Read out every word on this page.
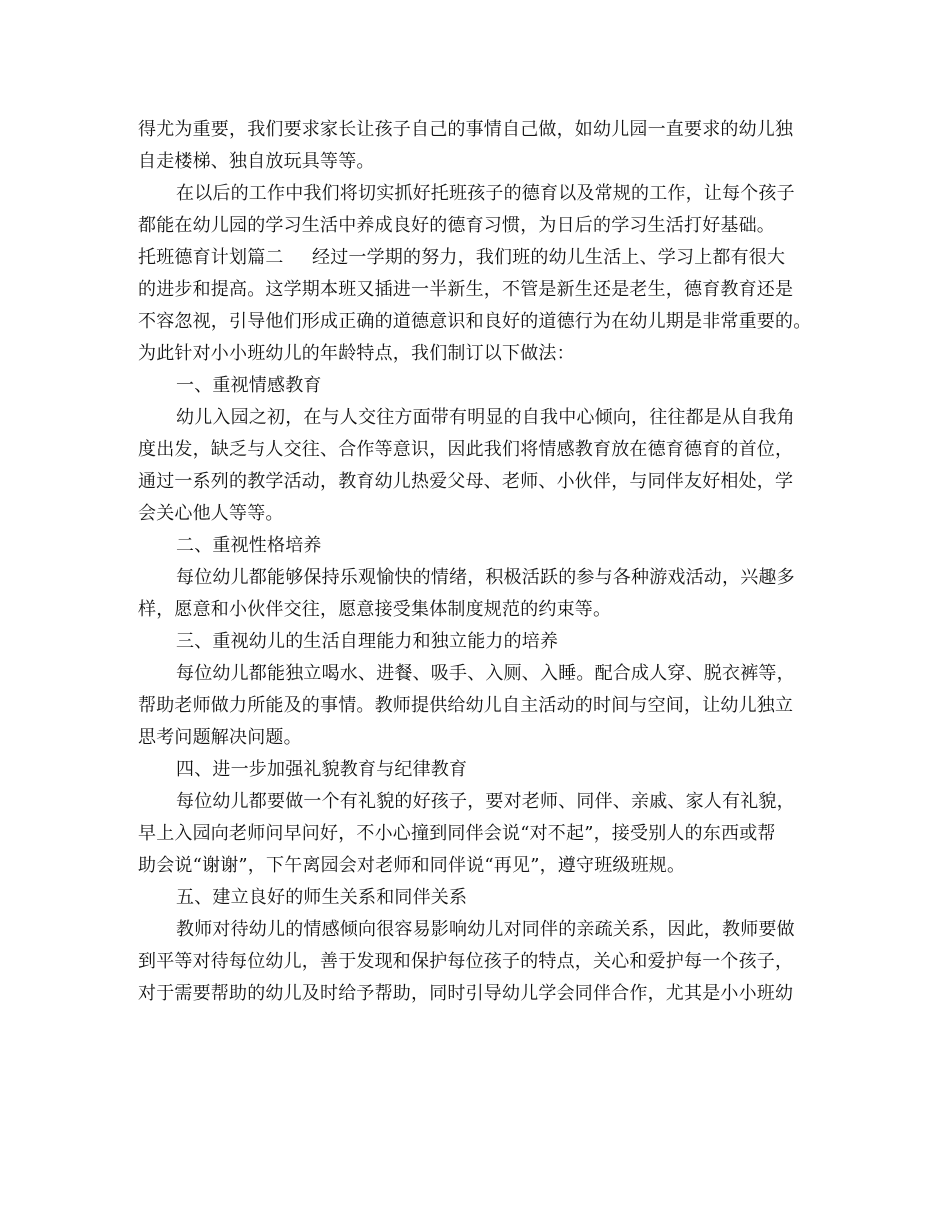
得尤为重要，我们要求家长让孩子自己的事情自己做，如幼儿园一直要求的幼儿独
自走楼梯、独自放玩具等等。
在以后的工作中我们将切实抓好托班孩子的德育以及常规的工作，让每个孩子
都能在幼儿园的学习生活中养成良好的德育习惯，为日后的学习生活打好基础。
托班德育计划篇二 经过一学期的努力，我们班的幼儿生活上、学习上都有很大
的进步和提高。这学期本班又插进一半新生，不管是新生还是老生，德育教育还是
不容忽视，引导他们形成正确的道德意识和良好的道德行为在幼儿期是非常重要的。
为此针对小小班幼儿的年龄特点，我们制订以下做法：
一、重视情感教育
幼儿入园之初，在与人交往方面带有明显的自我中心倾向，往往都是从自我角
度出发，缺乏与人交往、合作等意识，因此我们将情感教育放在德育德育的首位，
通过一系列的教学活动，教育幼儿热爱父母、老师、小伙伴，与同伴友好相处，学
会关心他人等等。
二、重视性格培养
每位幼儿都能够保持乐观愉快的情绪，积极活跃的参与各种游戏活动，兴趣多
样，愿意和小伙伴交往，愿意接受集体制度规范的约束等。
三、重视幼儿的生活自理能力和独立能力的培养
每位幼儿都能独立喝水、进餐、吸手、入厕、入睡。配合成人穿、脱衣裤等，
帮助老师做力所能及的事情。教师提供给幼儿自主活动的时间与空间，让幼儿独立
思考问题解决问题。
四、进一步加强礼貌教育与纪律教育
每位幼儿都要做一个有礼貌的好孩子，要对老师、同伴、亲戚、家人有礼貌，
早上入园向老师问早问好，不小心撞到同伴会说“对不起”，接受别人的东西或帮
助会说“谢谢”，下午离园会对老师和同伴说“再见”，遵守班级班规。
五、建立良好的师生关系和同伴关系
教师对待幼儿的情感倾向很容易影响幼儿对同伴的亲疏关系，因此，教师要做
到平等对待每位幼儿，善于发现和保护每位孩子的特点，关心和爱护每一个孩子，
对于需要帮助的幼儿及时给予帮助，同时引导幼儿学会同伴合作，尤其是小小班幼
